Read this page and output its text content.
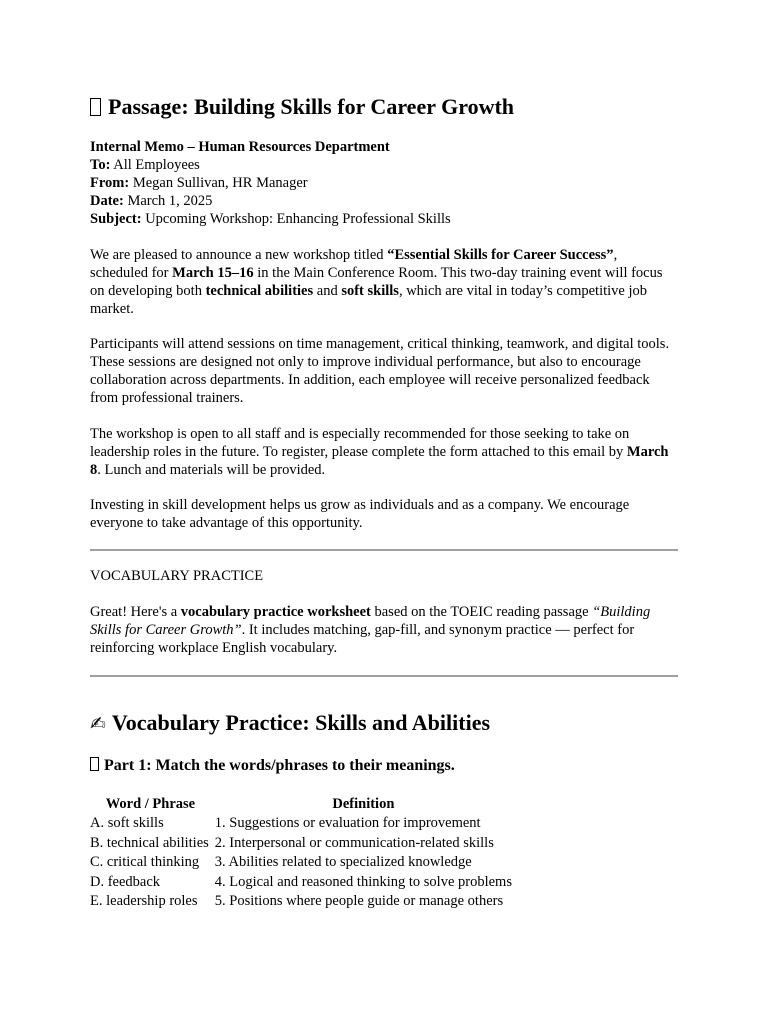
Passage: Building Skills for Career Growth
Internal Memo – Human Resources Department
To: All Employees
From: Megan Sullivan, HR Manager
Date: March 1, 2025
Subject: Upcoming Workshop: Enhancing Professional Skills

We are pleased to announce a new workshop titled “Essential Skills for Career Success”, scheduled for March 15–16 in the Main Conference Room. This two-day training event will focus on developing both technical abilities and soft skills, which are vital in today’s competitive job market.

Participants will attend sessions on time management, critical thinking, teamwork, and digital tools. These sessions are designed not only to improve individual performance, but also to encourage collaboration across departments. In addition, each employee will receive personalized feedback from professional trainers.

The workshop is open to all staff and is especially recommended for those seeking to take on leadership roles in the future. To register, please complete the form attached to this email by March 8. Lunch and materials will be provided.

Investing in skill development helps us grow as individuals and as a company. We encourage everyone to take advantage of this opportunity.

VOCABULARY PRACTICE

Great! Here's a vocabulary practice worksheet based on the TOEIC reading passage “Building Skills for Career Growth”. It includes matching, gap-fill, and synonym practice — perfect for reinforcing workplace English vocabulary.

✍ Vocabulary Practice: Skills and Abilities
Part 1: Match the words/phrases to their meanings.
Word / Phrase	Definition
A. soft skills	1. Suggestions or evaluation for improvement
B. technical abilities	2. Interpersonal or communication-related skills
C. critical thinking	3. Abilities related to specialized knowledge
D. feedback	4. Logical and reasoned thinking to solve problems
E. leadership roles	5. Positions where people guide or manage others
